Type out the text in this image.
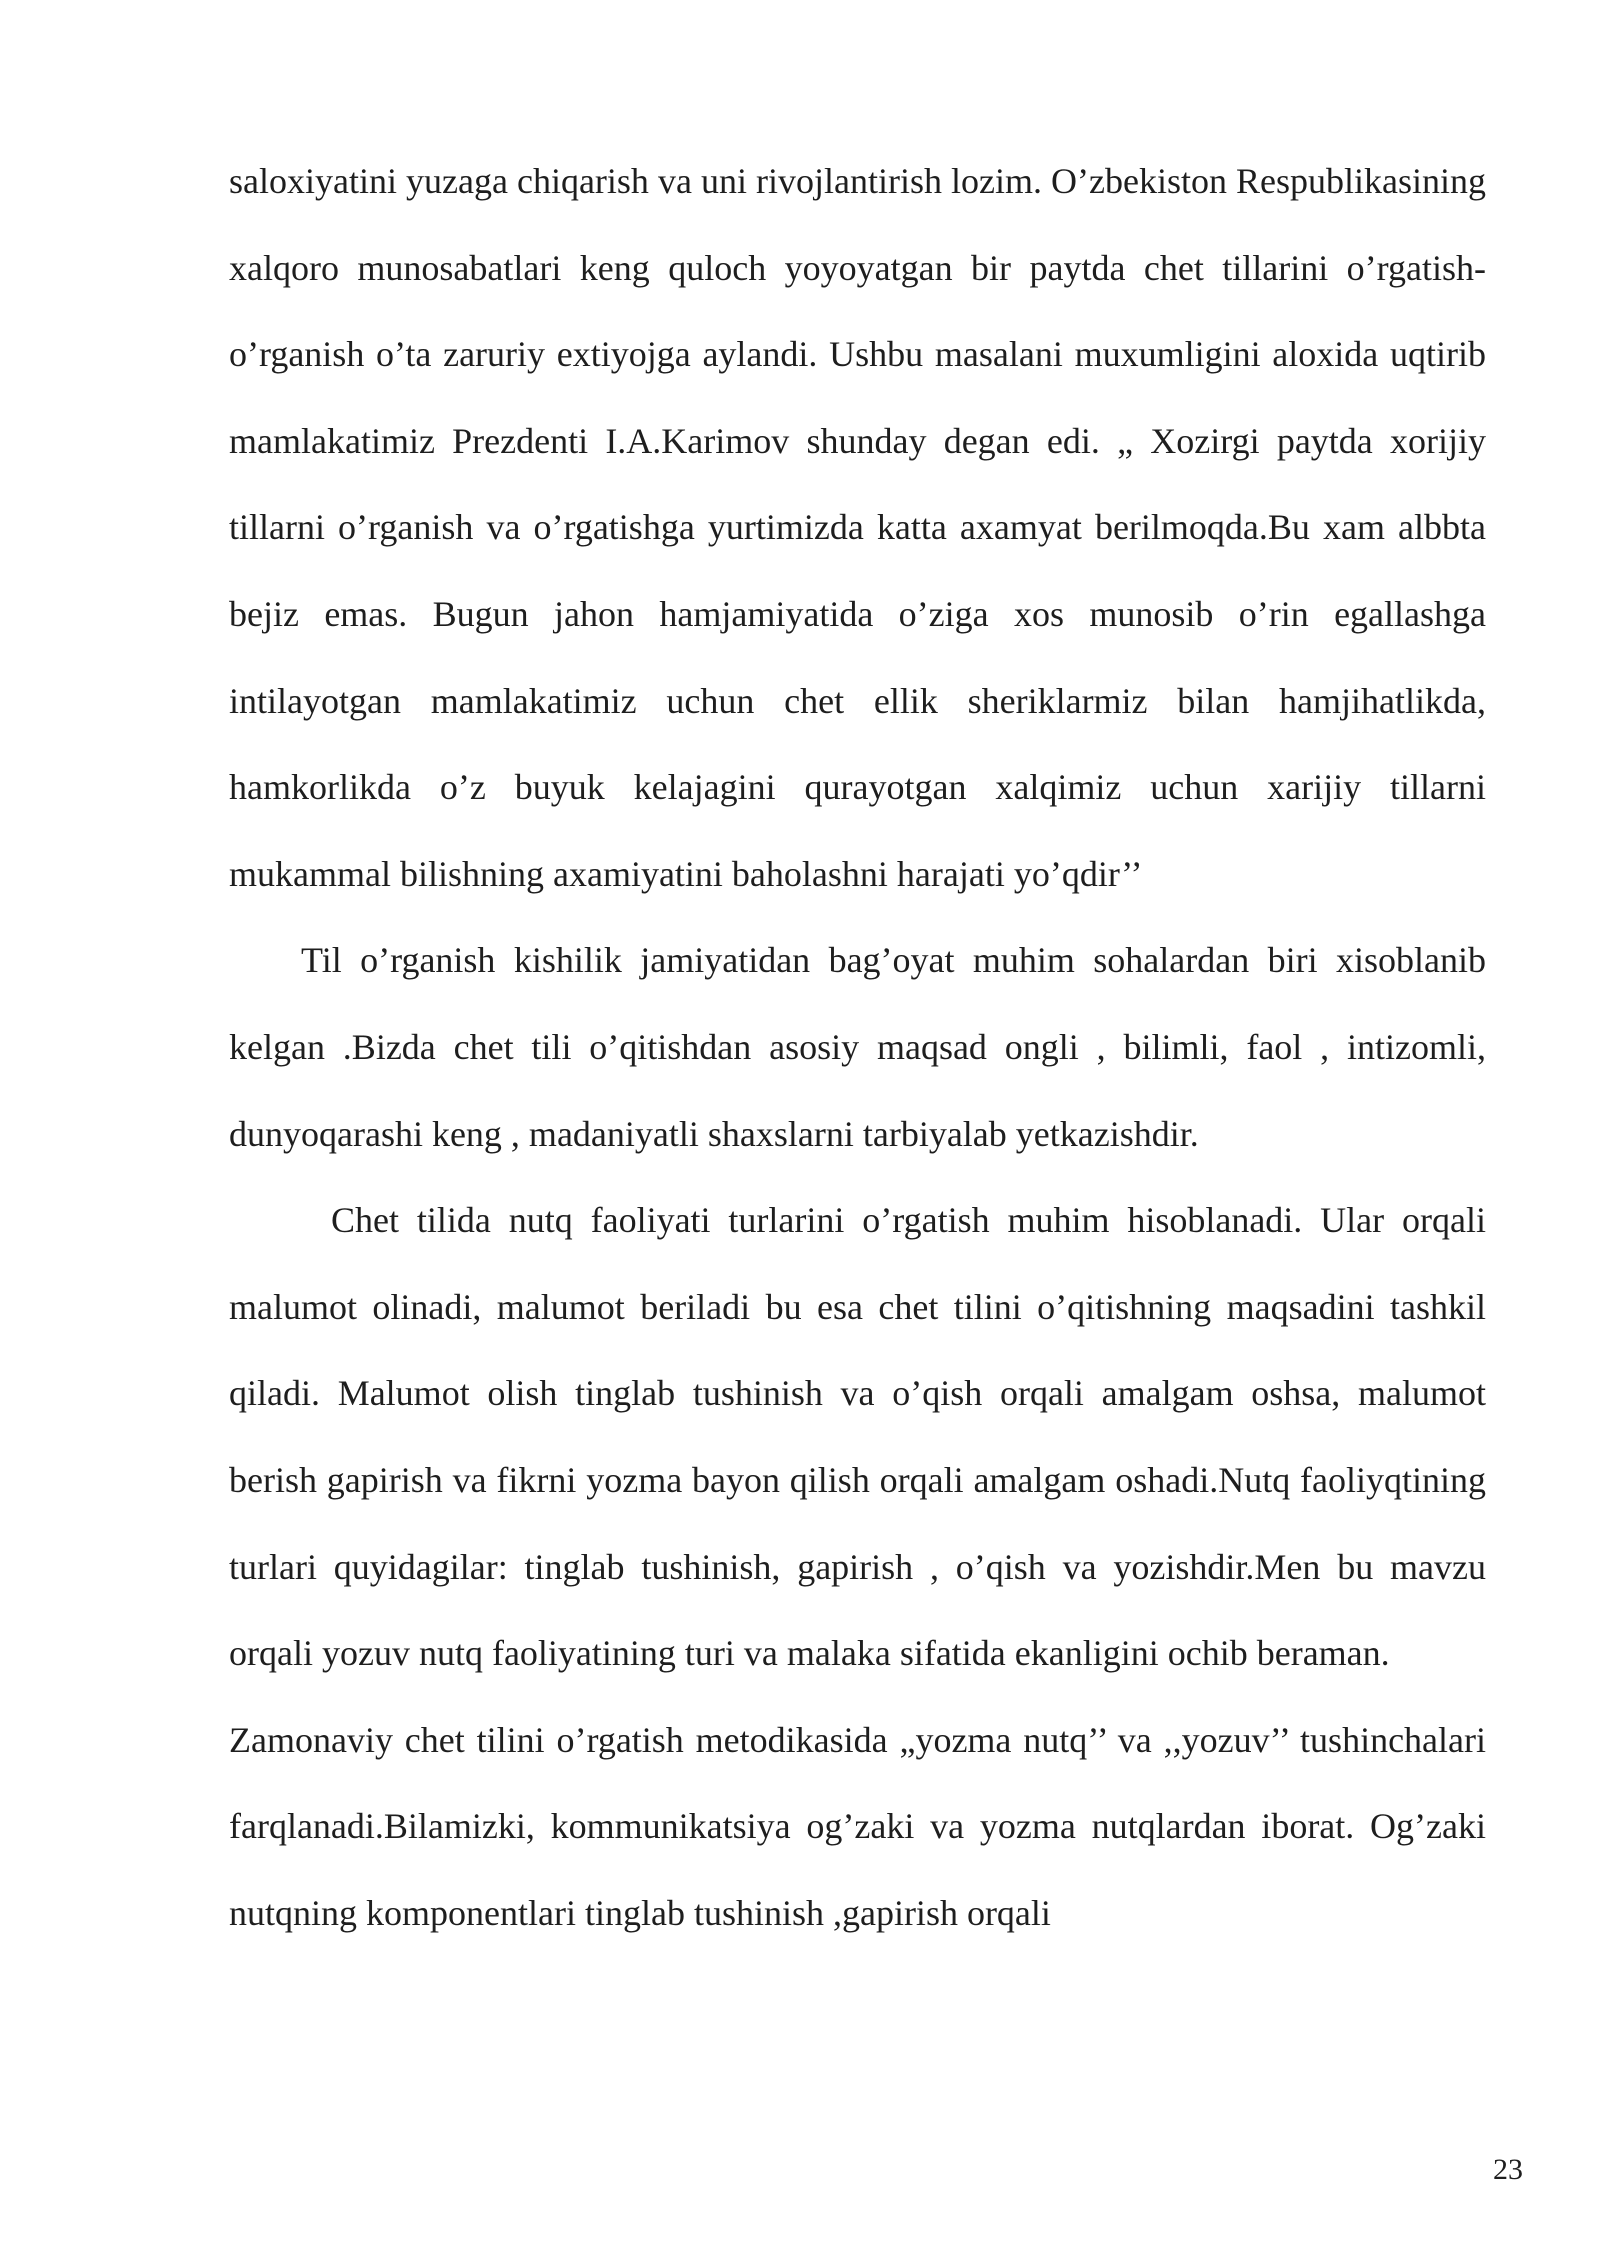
saloxiyatini yuzaga chiqarish va uni rivojlantirish lozim. O’zbekiston Respublikasining xalqoro munosabatlari keng quloch yoyoyatgan bir paytda chet tillarini o’rgatish-o’rganish o’ta zaruriy extiyojga aylandi. Ushbu masalani muxumligini aloxida uqtirib mamlakatimiz Prezdenti I.A.Karimov shunday degan edi. „ Xozirgi paytda xorijiy tillarni o’rganish va o’rgatishga yurtimizda katta axamyat berilmoqda.Bu xam albbta bejiz emas. Bugun jahon hamjamiyatida o’ziga xos munosib o’rin egallashga intilayotgan mamlakatimiz uchun chet ellik sheriklarmiz bilan hamjihatlikda, hamkorlikda o’z buyuk kelajagini qurayotgan xalqimiz uchun xarijiy tillarni mukammal bilishning axamiyatini baholashni harajati yo’qdir’’

Til o’rganish kishilik jamiyatidan bag’oyat muhim sohalardan biri xisoblanib kelgan .Bizda chet tili o’qitishdan asosiy maqsad ongli , bilimli, faol , intizomli, dunyoqarashi keng , madaniyatli shaxslarni tarbiyalab yetkazishdir.

Chet tilida nutq faoliyati turlarini o’rgatish muhim hisoblanadi. Ular orqali malumot olinadi, malumot beriladi bu esa chet tilini o’qitishning maqsadini tashkil qiladi. Malumot olish tinglab tushinish va o’qish orqali amalgam oshsa, malumot berish gapirish va fikrni yozma bayon qilish orqali amalgam oshadi.Nutq faoliyqtining turlari quyidagilar: tinglab tushinish, gapirish , o’qish va yozishdir.Men bu mavzu orqali yozuv nutq faoliyatining turi va malaka sifatida ekanligini ochib beraman.

Zamonaviy chet tilini o’rgatish metodikasida „yozma nutq’’ va ,,yozuv’’ tushinchalari farqlanadi.Bilamizki, kommunikatsiya og’zaki va yozma nutqlardan iborat. Og’zaki nutqning komponentlari tinglab tushinish ,gapirish orqali

23
